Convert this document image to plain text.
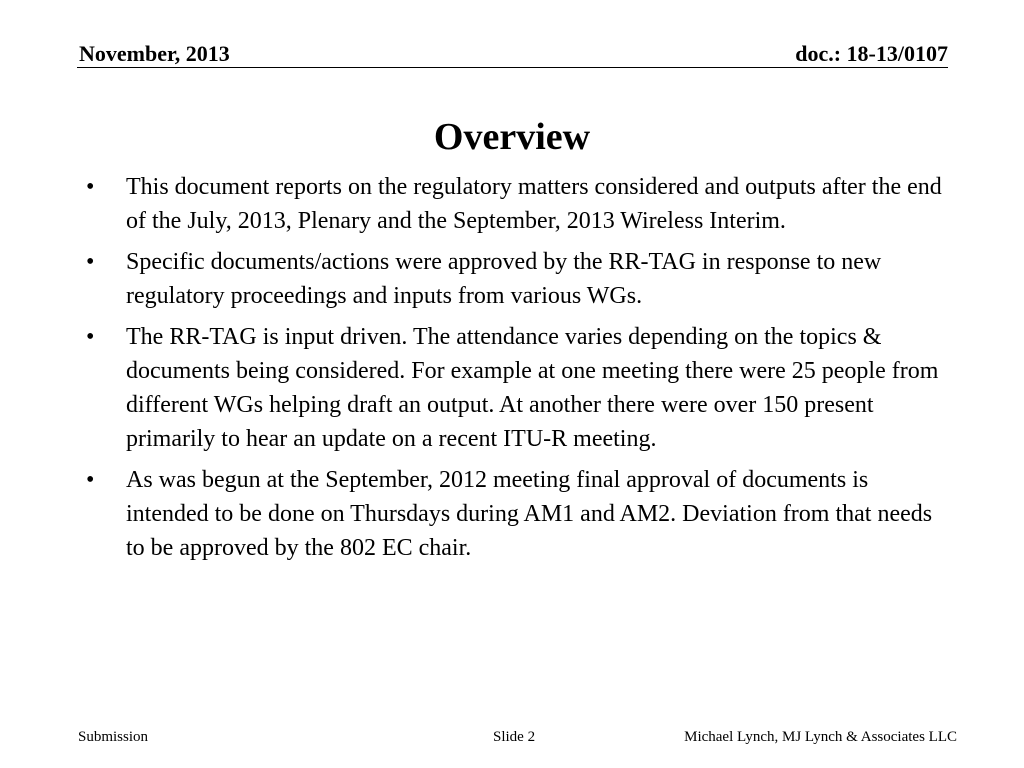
November, 2013	doc.: 18-13/0107
Overview
•	This document reports on the regulatory matters considered and outputs after the end of the July, 2013, Plenary and the September, 2013 Wireless Interim.
•	Specific documents/actions were approved by the RR-TAG in response to new regulatory proceedings and inputs from various WGs.
•	The RR-TAG is input driven. The attendance varies depending on the topics & documents being considered. For example at one meeting there were 25 people from different WGs helping draft an output. At another there were over 150 present primarily to hear an update on a recent ITU-R meeting.
•	As was begun at the September, 2012 meeting final approval of documents is intended to be done on Thursdays during AM1 and AM2. Deviation from that needs to be approved by the 802 EC chair.
Submission	Slide 2	Michael Lynch, MJ Lynch & Associates LLC
